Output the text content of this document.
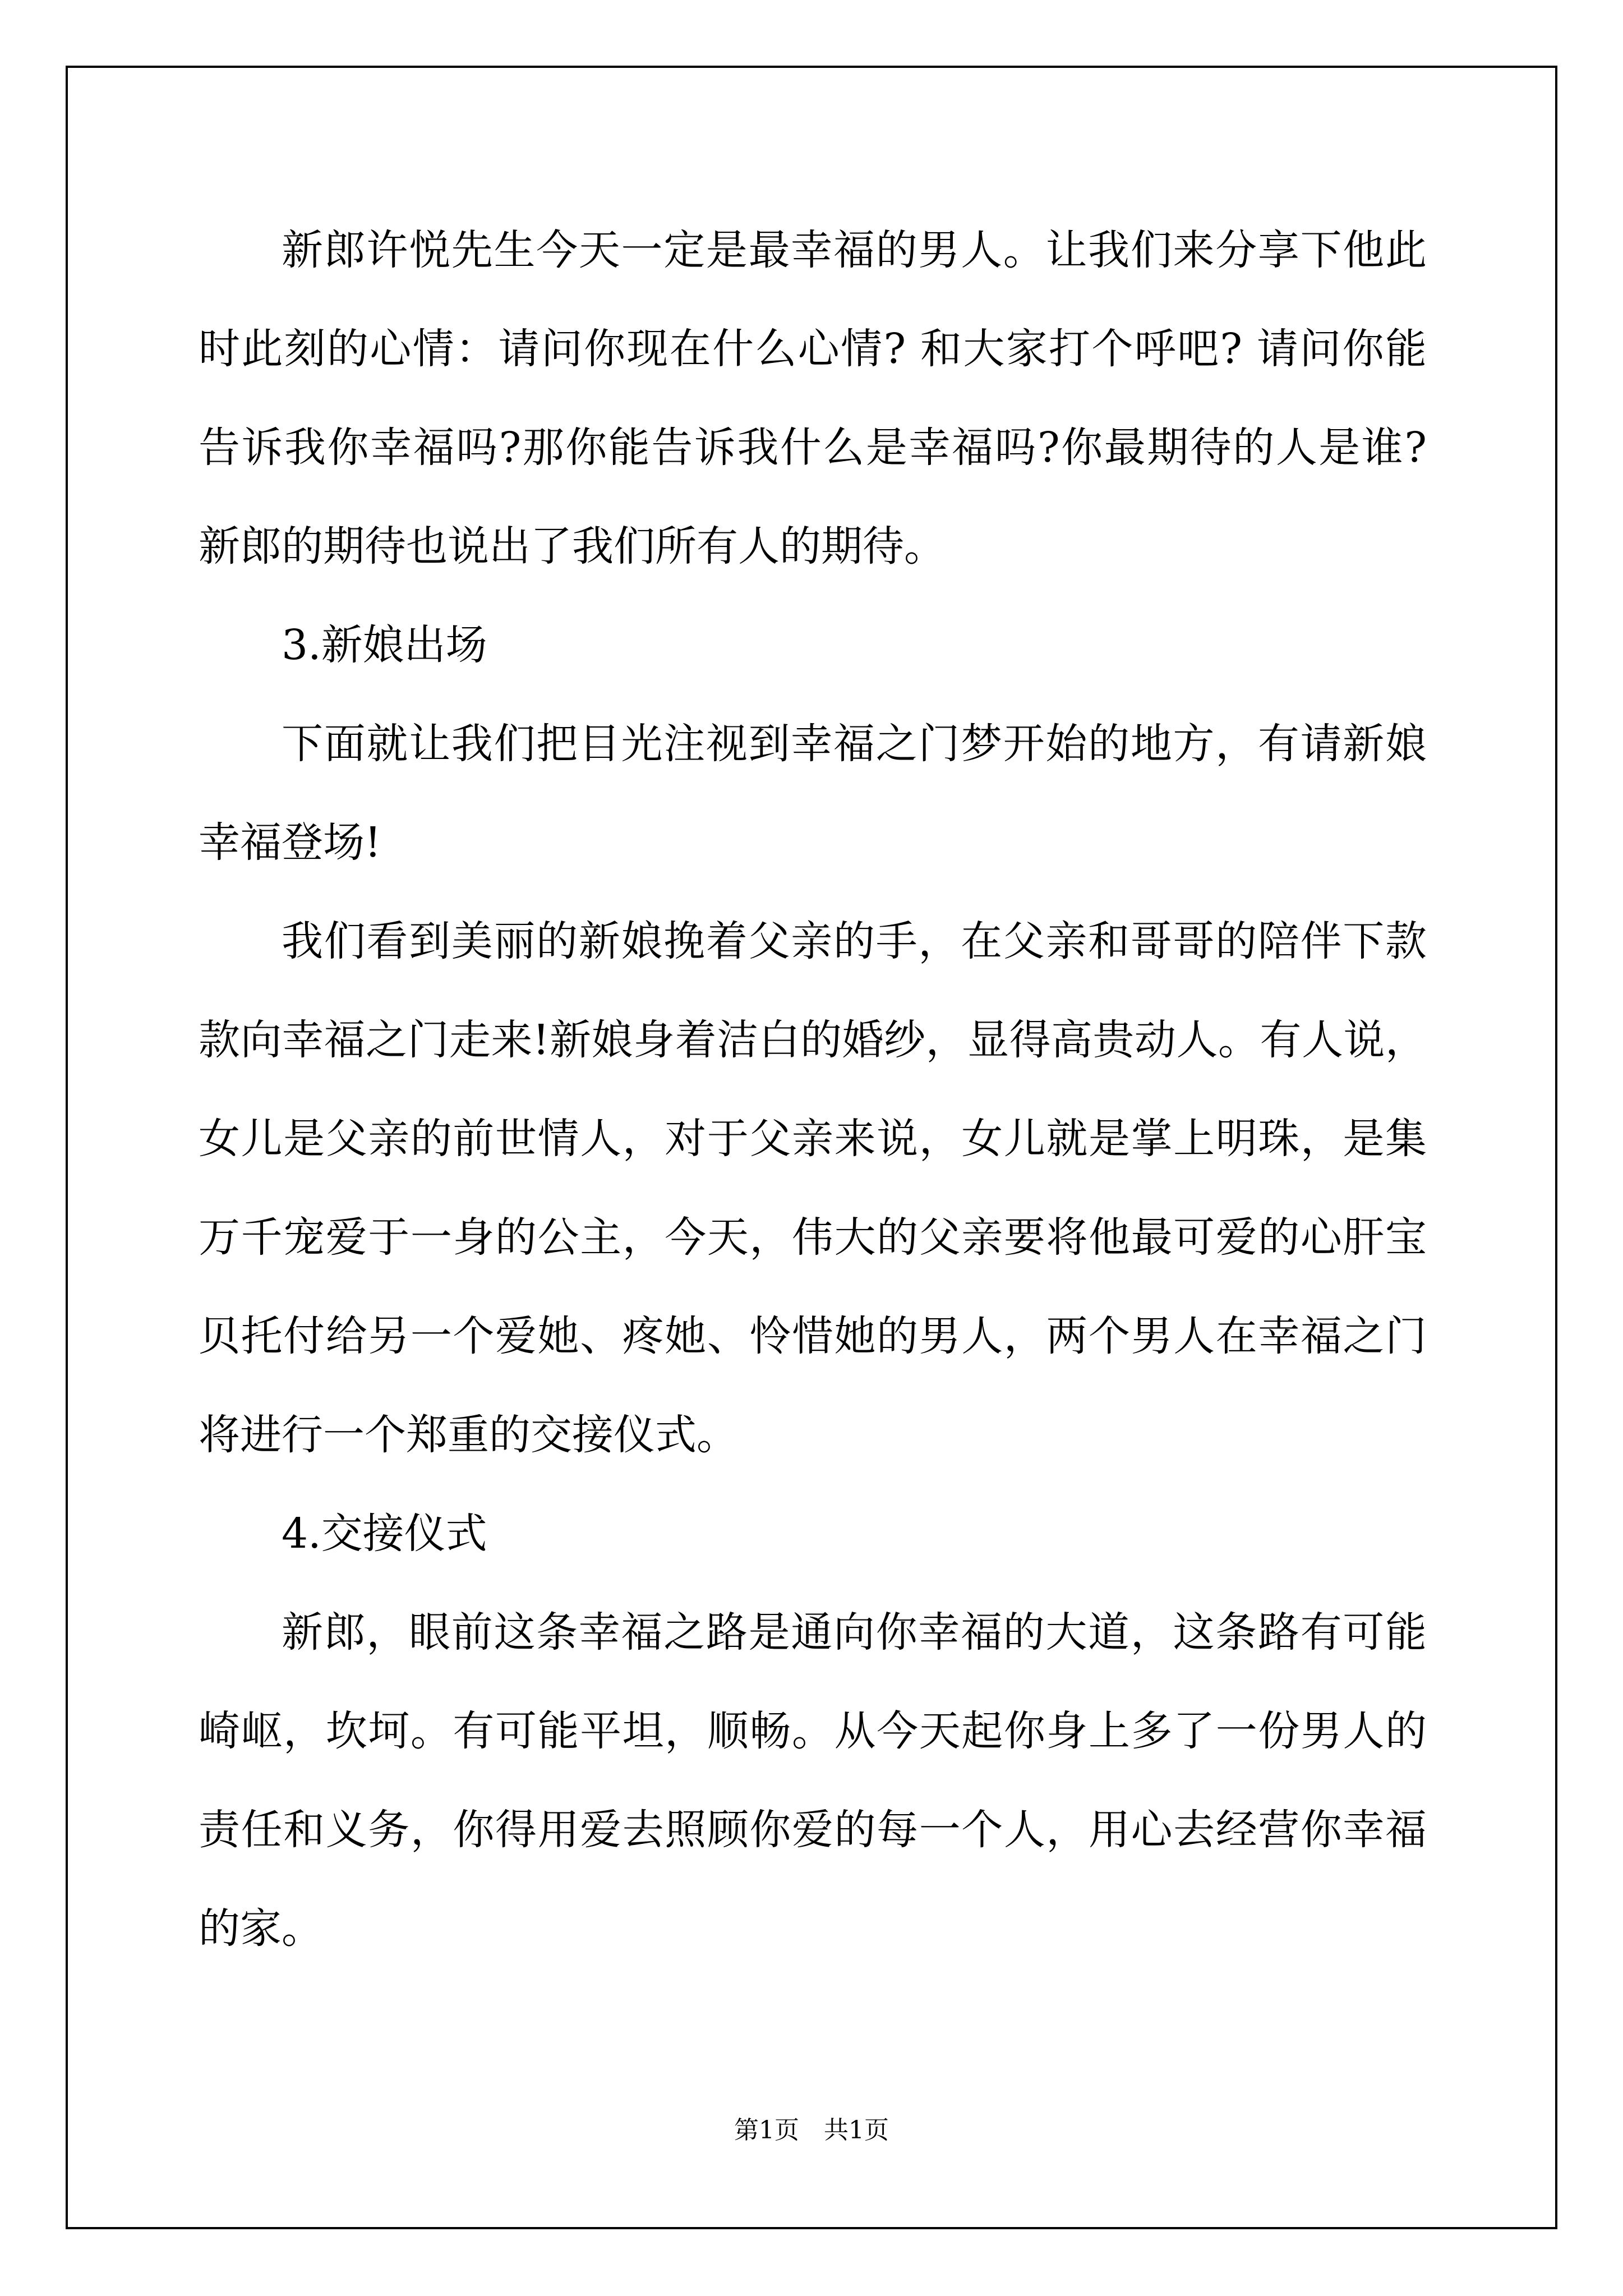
新郎许悦先生今天一定是最幸福的男人。让我们来分享下他此时此刻的心情：请问你现在什么心情? 和大家打个呼吧? 请问你能告诉我你幸福吗?那你能告诉我什么是幸福吗?你最期待的人是谁? 新郎的期待也说出了我们所有人的期待。

3.新娘出场

下面就让我们把目光注视到幸福之门梦开始的地方，有请新娘幸福登场!

我们看到美丽的新娘挽着父亲的手，在父亲和哥哥的陪伴下款款向幸福之门走来!新娘身着洁白的婚纱，显得高贵动人。有人说，女儿是父亲的前世情人，对于父亲来说，女儿就是掌上明珠，是集万千宠爱于一身的公主，今天，伟大的父亲要将他最可爱的心肝宝贝托付给另一个爱她、疼她、怜惜她的男人，两个男人在幸福之门将进行一个郑重的交接仪式。

4.交接仪式

新郎，眼前这条幸福之路是通向你幸福的大道，这条路有可能崎岖，坎坷。有可能平坦，顺畅。从今天起你身上多了一份男人的责任和义务，你得用爱去照顾你爱的每一个人，用心去经营你幸福的家。

第1页　共1页
